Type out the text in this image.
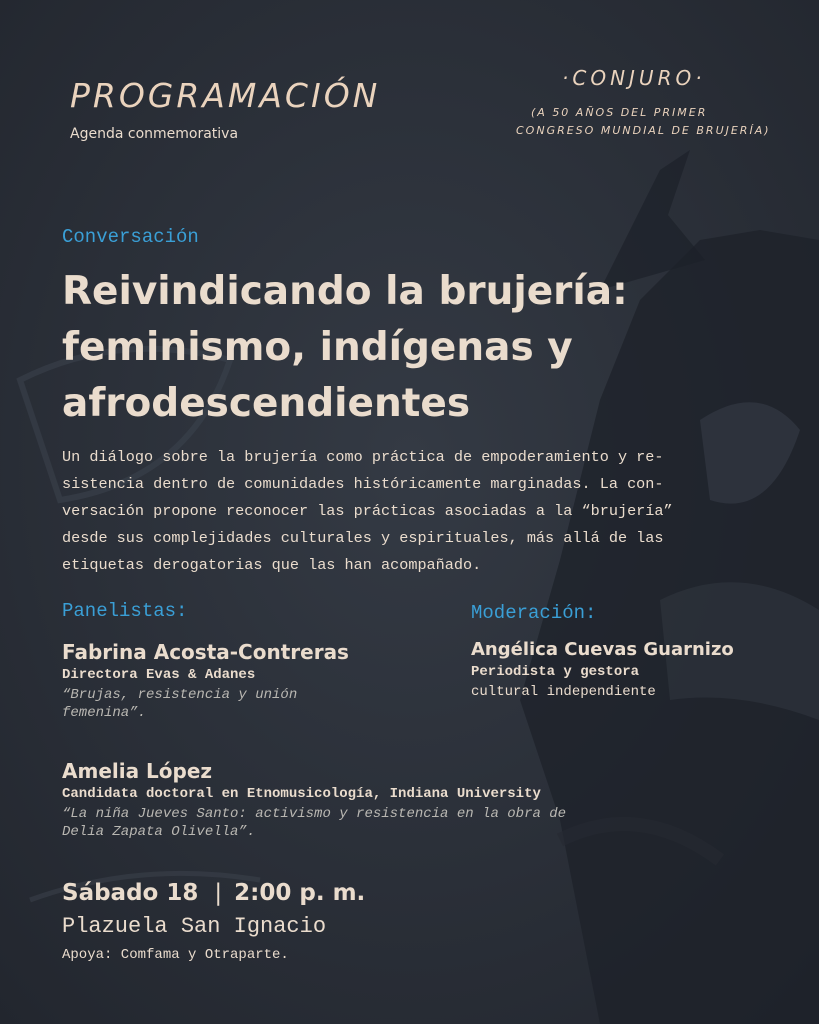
PROGRAMACIÓN
Agenda conmemorativa
·CONJURO·
(A 50 AÑOS DEL PRIMER
CONGRESO MUNDIAL DE BRUJERÍA)
Conversación
Reivindicando la brujería:
feminismo, indígenas y
afrodescendientes
Un diálogo sobre la brujería como práctica de empoderamiento y re-
sistencia dentro de comunidades históricamente marginadas. La con-
versación propone reconocer las prácticas asociadas a la “brujería”
desde sus complejidades culturales y espirituales, más allá de las
etiquetas derogatorias que las han acompañado.
Panelistas:
Fabrina Acosta-Contreras
Directora Evas & Adanes
“Brujas, resistencia y unión
femenina”.
Amelia López
Candidata doctoral en Etnomusicología, Indiana University
“La niña Jueves Santo: activismo y resistencia en la obra de
Delia Zapata Olivella”.
Moderación:
Angélica Cuevas Guarnizo
Periodista y gestora
cultural independiente
Sábado 18 | 2:00 p. m.
Plazuela San Ignacio
Apoya: Comfama y Otraparte.
